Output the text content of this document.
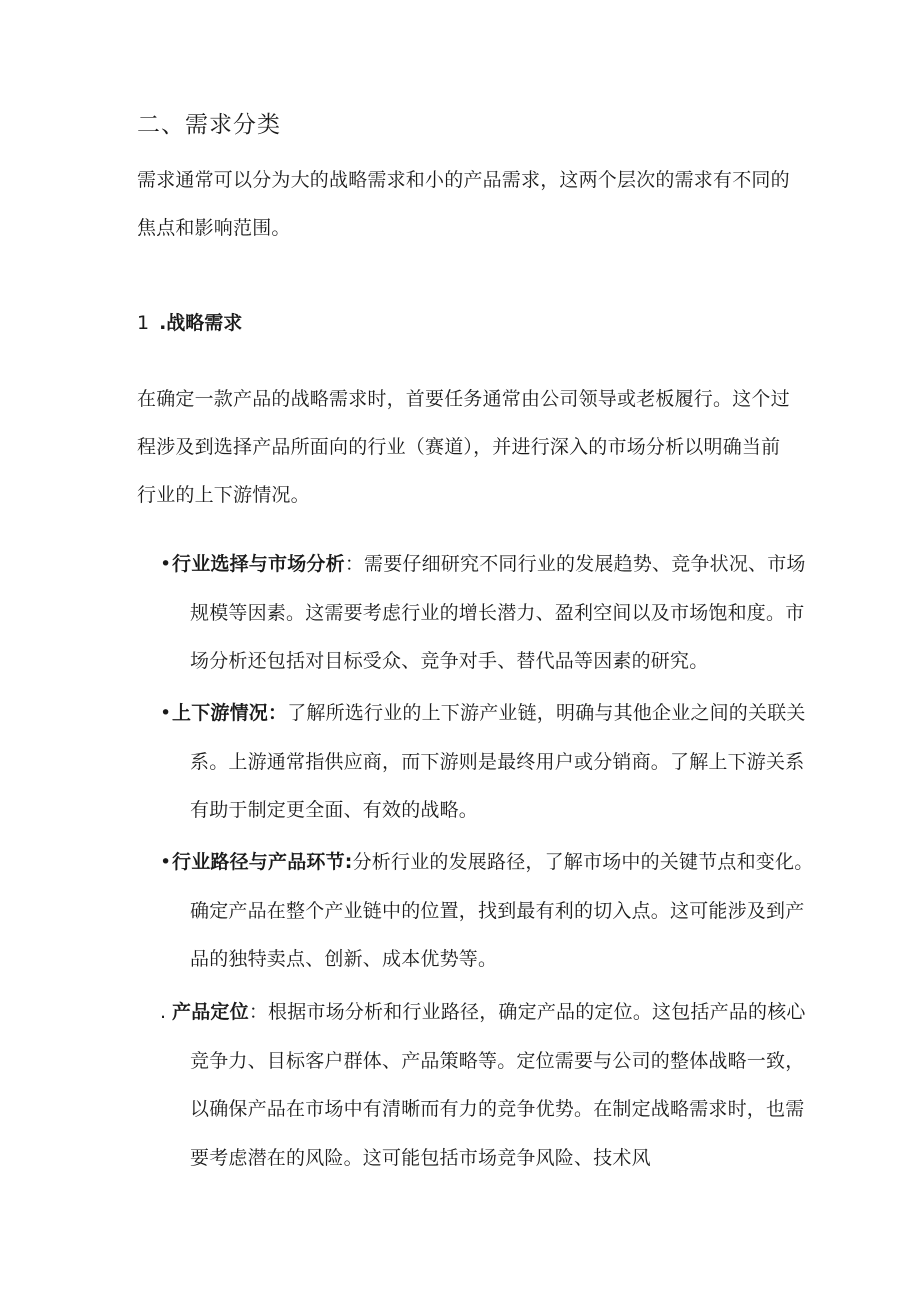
二、需求分类
需求通常可以分为大的战略需求和小的产品需求，这两个层次的需求有不同的焦点和影响范围。
1 .战略需求
在确定一款产品的战略需求时，首要任务通常由公司领导或老板履行。这个过程涉及到选择产品所面向的行业（赛道），并进行深入的市场分析以明确当前行业的上下游情况。
•行业选择与市场分析：需要仔细研究不同行业的发展趋势、竞争状况、市场规模等因素。这需要考虑行业的增长潜力、盈利空间以及市场饱和度。市场分析还包括对目标受众、竞争对手、替代品等因素的研究。
•上下游情况：了解所选行业的上下游产业链，明确与其他企业之间的关联关系。上游通常指供应商，而下游则是最终用户或分销商。了解上下游关系有助于制定更全面、有效的战略。
•行业路径与产品环节:分析行业的发展路径，了解市场中的关键节点和变化。确定产品在整个产业链中的位置，找到最有利的切入点。这可能涉及到产品的独特卖点、创新、成本优势等。
. 产品定位：根据市场分析和行业路径，确定产品的定位。这包括产品的核心竞争力、目标客户群体、产品策略等。定位需要与公司的整体战略一致，以确保产品在市场中有清晰而有力的竞争优势。在制定战略需求时，也需要考虑潜在的风险。这可能包括市场竞争风险、技术风
